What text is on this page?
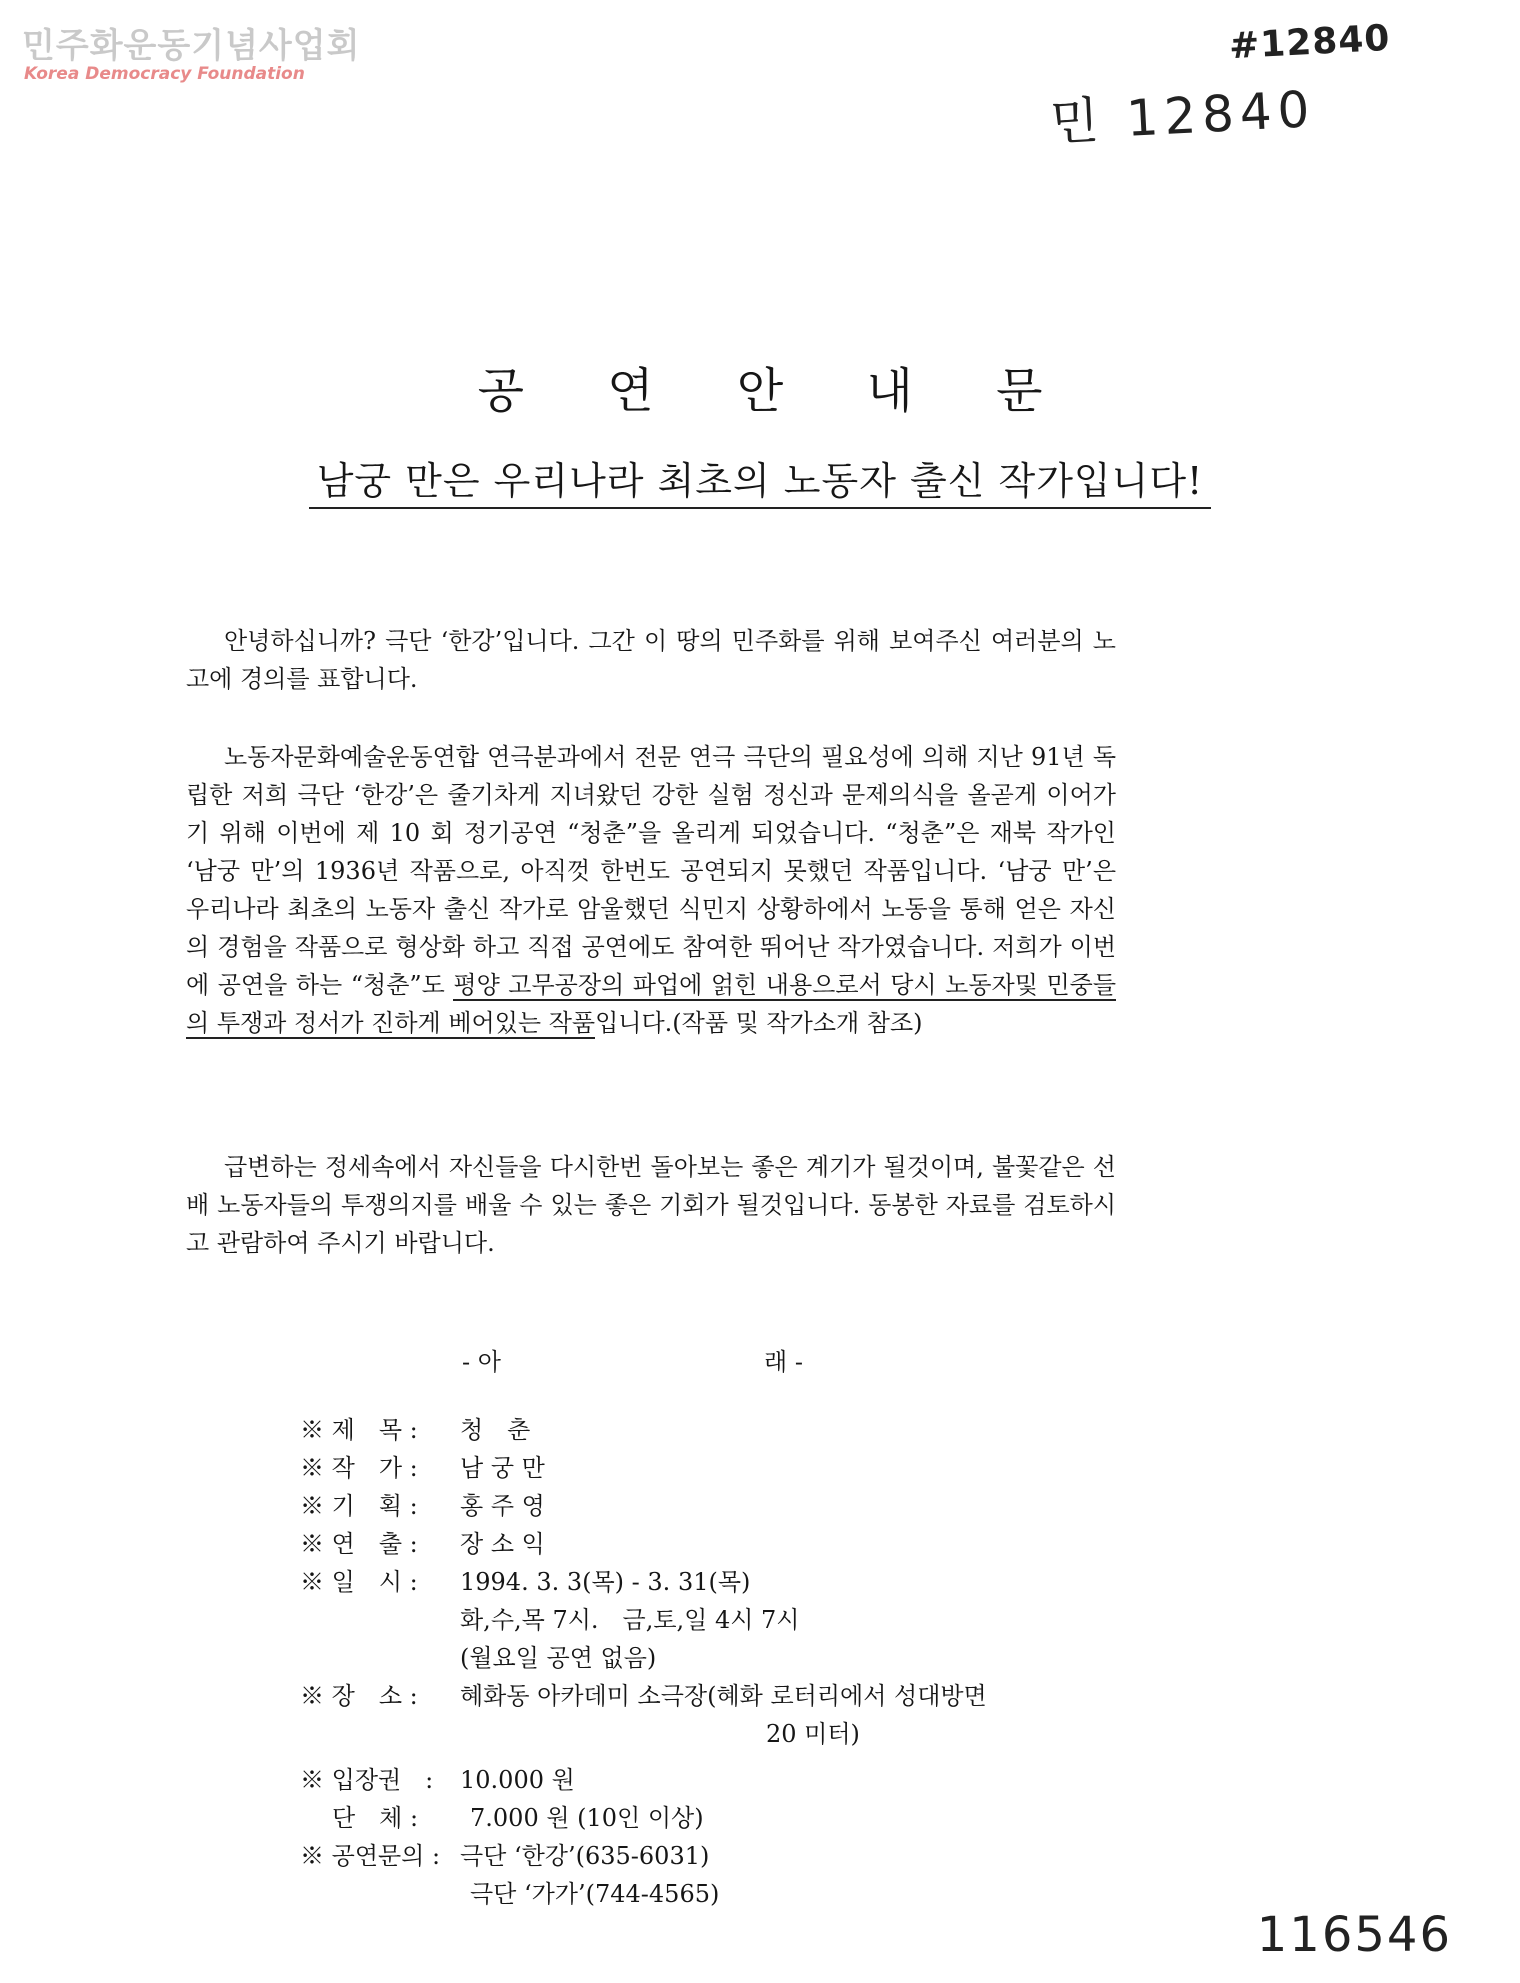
민주화운동기념사업회
Korea Democracy Foundation
#12840
민 12840
116546
공 연 안 내 문
남궁 만은 우리나라 최초의 노동자 출신 작가입니다!

안녕하십니까? 극단 ‘한강’입니다. 그간 이 땅의 민주화를 위해 보여주신 여러분의 노고에 경의를 표합니다.

노동자문화예술운동연합 연극분과에서 전문 연극 극단의 필요성에 의해 지난 91년 독립한 저희 극단 ‘한강’은 줄기차게 지녀왔던 강한 실험 정신과 문제의식을 올곧게 이어가기 위해 이번에 제 10 회 정기공연 “청춘”을 올리게 되었습니다. “청춘”은 재북 작가인 ‘남궁 만’의 1936년 작품으로, 아직껏 한번도 공연되지 못했던 작품입니다. ‘남궁 만’은 우리나라 최초의 노동자 출신 작가로 암울했던 식민지 상황하에서 노동을 통해 얻은 자신의 경험을 작품으로 형상화 하고 직접 공연에도 참여한 뛰어난 작가였습니다. 저희가 이번에 공연을 하는 “청춘”도 평양 고무공장의 파업에 얽힌 내용으로서 당시 노동자및 민중들의 투쟁과 정서가 진하게 베어있는 작품입니다.(작품 및 작가소개 참조)

급변하는 정세속에서 자신들을 다시한번 돌아보는 좋은 계기가 될것이며, 불꽃같은 선배 노동자들의 투쟁의지를 배울 수 있는 좋은 기회가 될것입니다. 동봉한 자료를 검토하시고 관람하여 주시기 바랍니다.

- 아	래 -
※ 제　목 : 청　춘
※ 작　가 : 남 궁 만
※ 기　획 : 홍 주 영
※ 연　출 : 장 소 익
※ 일　시 : 1994. 3. 3(목) - 3. 31(목)
화,수,목 7시.　금,토,일 4시 7시
(월요일 공연 없음)
※ 장　소 : 혜화동 아카데미 소극장(혜화 로터리에서 성대방면
20 미터)
※ 입장권　: 10.000 원
단　체 : 7.000 원 (10인 이상)
※ 공연문의 : 극단 ‘한강’(635-6031)
극단 ‘가가’(744-4565)
